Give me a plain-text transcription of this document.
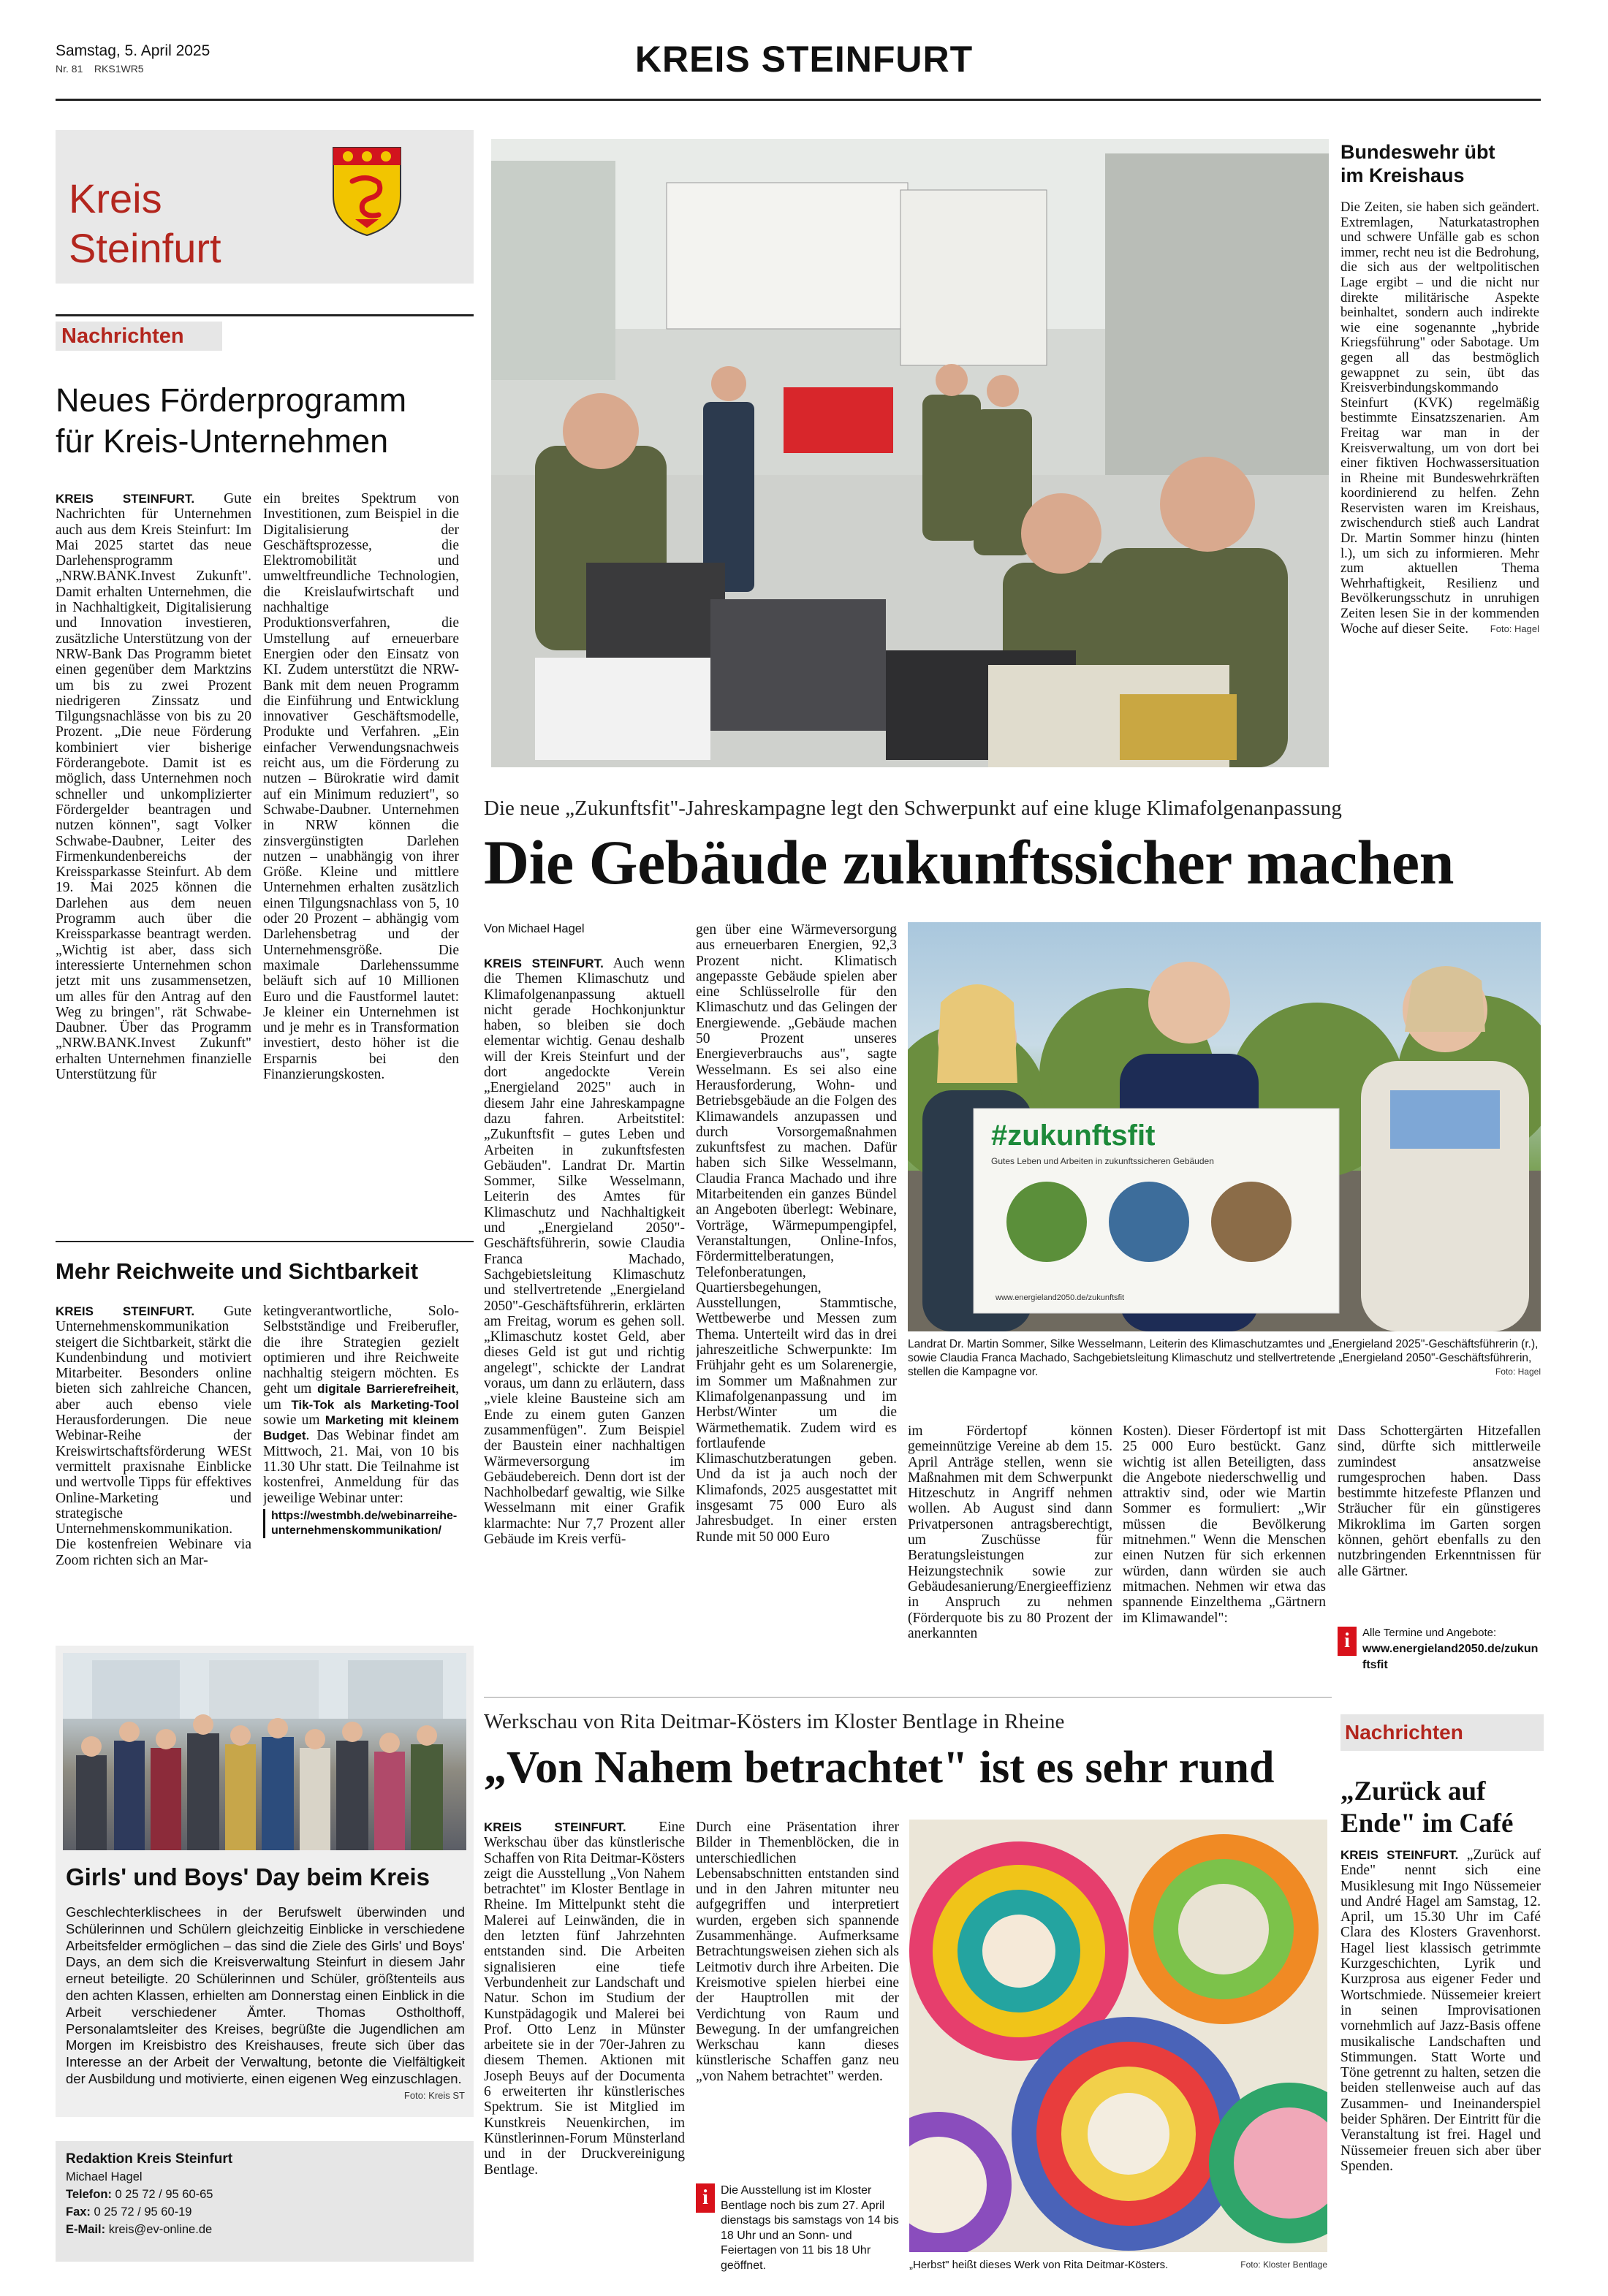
Samstag, 5. April 2025
Nr. 81    RKS1WR5	KREIS STEINFURT
Kreis
Steinfurt
Nachrichten
Neues Förderprogramm
für Kreis-Unternehmen
KREIS STEINFURT. Gute Nachrichten für Unternehmen auch aus dem Kreis Steinfurt: Im Mai 2025 startet das neue Darlehensprogramm „NRW.BANK.Invest Zukunft". Damit erhalten Unternehmen, die in Nachhaltigkeit, Digitalisierung und Innovation investieren, zusätzliche Unterstützung von der NRW-Bank Das Programm bietet einen gegenüber dem Marktzins um bis zu zwei Prozent niedrigeren Zinssatz und Tilgungsnachlässe von bis zu 20 Prozent. „Die neue Förderung kombiniert vier bisherige Förderangebote. Damit ist es möglich, dass Unternehmen noch schneller und unkomplizierter Fördergelder beantragen und nutzen können", sagt Volker Schwabe-Daubner, Leiter des Firmenkundenbereichs der Kreissparkasse Steinfurt. Ab dem 19. Mai 2025 können die Darlehen aus dem neuen Programm auch über die Kreissparkasse beantragt werden. „Wichtig ist aber, dass sich interessierte Unternehmen schon jetzt mit uns zusammensetzen, um alles für den Antrag auf den Weg zu bringen", rät Schwabe-Daubner. Über das Programm „NRW.BANK.Invest Zukunft" erhalten Unternehmen finanzielle Unterstützung für
ein breites Spektrum von Investitionen, zum Beispiel in die Digitalisierung der Geschäftsprozesse, die Elektromobilität und umweltfreundliche Technologien, die Kreislaufwirtschaft und nachhaltige Produktionsverfahren, die Umstellung auf erneuerbare Energien oder den Einsatz von KI. Zudem unterstützt die NRW-Bank mit dem neuen Programm die Einführung und Entwicklung innovativer Geschäftsmodelle, Produkte und Verfahren. „Ein einfacher Verwendungsnachweis reicht aus, um die Förderung zu nutzen – Bürokratie wird damit auf ein Minimum reduziert", so Schwabe-Daubner. Unternehmen in NRW können die zinsvergünstigten Darlehen nutzen – unabhängig von ihrer Größe. Kleine und mittlere Unternehmen erhalten zusätzlich einen Tilgungsnachlass von 5, 10 oder 20 Prozent – abhängig vom Darlehensbetrag und der Unternehmensgröße. Die maximale Darlehenssumme beläuft sich auf 10 Millionen Euro und die Faustformel lautet: Je kleiner ein Unternehmen ist und je mehr es in Transformation investiert, desto höher ist die Ersparnis bei den Finanzierungskosten.
Mehr Reichweite und Sichtbarkeit
KREIS STEINFURT. Gute Unternehmenskommunikation steigert die Sichtbarkeit, stärkt die Kundenbindung und motiviert Mitarbeiter. Besonders online bieten sich zahlreiche Chancen, aber auch ebenso viele Herausforderungen. Die neue Webinar-Reihe der Kreiswirtschaftsförderung WESt vermittelt praxisnahe Einblicke und wertvolle Tipps für effektives Online-Marketing und strategische Unternehmenskommunikation. Die kostenfreien Webinare via Zoom richten sich an Mar-
ketingverantwortliche, Solo-Selbstständige und Freiberufler, die ihre Strategien gezielt optimieren und ihre Reichweite nachhaltig steigern möchten. Es geht um digitale Barrierefreiheit, um Tik-Tok als Marketing-Tool sowie um Marketing mit kleinem Budget. Das Webinar findet am Mittwoch, 21. Mai, von 10 bis 11.30 Uhr statt. Die Teilnahme ist kostenfrei, Anmeldung für das jeweilige Webinar unter:
https://westmbh.de/webinarreihe-unternehmenskommunikation/
Girls' und Boys' Day beim Kreis
Geschlechterklischees in der Berufswelt überwinden und Schülerinnen und Schülern gleichzeitig Einblicke in verschiedene Arbeitsfelder ermöglichen – das sind die Ziele des Girls' und Boys' Days, an dem sich die Kreisverwaltung Steinfurt in diesem Jahr erneut beteiligte. 20 Schülerinnen und Schüler, größtenteils aus den achten Klassen, erhielten am Donnerstag einen Einblick in die Arbeit verschiedener Ämter. Thomas Ostholthoff, Personalamtsleiter des Kreises, begrüßte die Jugendlichen am Morgen im Kreisbistro des Kreishauses, freute sich über das Interesse an der Arbeit der Verwaltung, betonte die Vielfältigkeit der Ausbildung und motivierte, einen eigenen Weg einzuschlagen.
Foto: Kreis ST
Redaktion Kreis Steinfurt
Michael Hagel
Telefon: 0 25 72 / 95 60-65
Fax: 0 25 72 / 95 60-19
E-Mail: kreis@ev-online.de
Bundeswehr übt
im Kreishaus
Die Zeiten, sie haben sich geändert. Extremlagen, Naturkatastrophen und schwere Unfälle gab es schon immer, recht neu ist die Bedrohung, die sich aus der weltpolitischen Lage ergibt – und die nicht nur direkte militärische Aspekte beinhaltet, sondern auch indirekte wie eine sogenannte „hybride Kriegsführung" oder Sabotage. Um gegen all das bestmöglich gewappnet zu sein, übt das Kreisverbindungskommando Steinfurt (KVK) regelmäßig bestimmte Einsatzszenarien. Am Freitag war man in der Kreisverwaltung, um von dort bei einer fiktiven Hochwassersituation in Rheine mit Bundeswehrkräften koordinierend zu helfen. Zehn Reservisten waren im Kreishaus, zwischendurch stieß auch Landrat Dr. Martin Sommer hinzu (hinten l.), um sich zu informieren. Mehr zum aktuellen Thema Wehrhaftigkeit, Resilienz und Bevölkerungsschutz in unruhigen Zeiten lesen Sie in der kommenden Woche auf dieser Seite. Foto: Hagel
Die neue „Zukunftsfit"-Jahreskampagne legt den Schwerpunkt auf eine kluge Klimafolgenanpassung
Die Gebäude zukunftssicher machen
Von Michael Hagel
KREIS STEINFURT. Auch wenn die Themen Klimaschutz und Klimafolgenanpassung aktuell nicht gerade Hochkonjunktur haben, so bleiben sie doch elementar wichtig. Genau deshalb will der Kreis Steinfurt und der dort angedockte Verein „Energieland 2025" auch in diesem Jahr eine Jahreskampagne dazu fahren. Arbeitstitel: „Zukunftsfit – gutes Leben und Arbeiten in zukunftsfesten Gebäuden". Landrat Dr. Martin Sommer, Silke Wesselmann, Leiterin des Amtes für Klimaschutz und Nachhaltigkeit und „Energieland 2050"-Geschäftsführerin, sowie Claudia Franca Machado, Sachgebietsleitung Klimaschutz und stellvertretende „Energieland 2050"-Geschäftsführerin, erklärten am Freitag, worum es gehen soll. „Klimaschutz kostet Geld, aber dieses Geld ist gut und richtig angelegt", schickte der Landrat voraus, um dann zu erläutern, dass „viele kleine Bausteine sich am Ende zu einem guten Ganzen zusammenfügen". Zum Beispiel der Baustein einer nachhaltigen Wärmeversorgung im Gebäudebereich. Denn dort ist der Nachholbedarf gewaltig, wie Silke Wesselmann mit einer Grafik klarmachte: Nur 7,7 Prozent aller Gebäude im Kreis verfü-
gen über eine Wärmeversorgung aus erneuerbaren Energien, 92,3 Prozent nicht. Klimatisch angepasste Gebäude spielen aber eine Schlüsselrolle für den Klimaschutz und das Gelingen der Energiewende. „Gebäude machen 50 Prozent unseres Energieverbrauchs aus", sagte Wesselmann. Es sei also eine Herausforderung, Wohn- und Betriebsgebäude an die Folgen des Klimawandels anzupassen und durch Vorsorgemaßnahmen zukunftsfest zu machen. Dafür haben sich Silke Wesselmann, Claudia Franca Machado und ihre Mitarbeitenden ein ganzes Bündel an Angeboten überlegt: Webinare, Vorträge, Wärmepumpengipfel, Veranstaltungen, Online-Infos, Fördermittelberatungen, Telefonberatungen, Quartiersbegehungen, Ausstellungen, Stammtische, Wettbewerbe und Messen zum Thema. Unterteilt wird das in drei jahreszeitliche Schwerpunkte: Im Frühjahr geht es um Solarenergie, im Sommer um Maßnahmen zur Klimafolgenanpassung und im Herbst/Winter um die Wärmethematik. Zudem wird es fortlaufende Klimaschutzberatungen geben. Und da ist ja auch noch der Klimafonds, 2025 ausgestattet mit insgesamt 75 000 Euro als Jahresbudget. In einer ersten Runde mit 50 000 Euro
#zukunftsfit
Gutes Leben und Arbeiten in zukunftssicheren Gebäuden
www.energieland2050.de/zukunftsfit
Landrat Dr. Martin Sommer, Silke Wesselmann, Leiterin des Klimaschutzamtes und „Energieland 2025"-Geschäftsführerin (r.), sowie Claudia Franca Machado, Sachgebietsleitung Klimaschutz und stellvertretende „Energieland 2050"-Geschäftsführerin, stellen die Kampagne vor.	Foto: Hagel
im Fördertopf können gemeinnützige Vereine ab dem 15. April Anträge stellen, wenn sie Maßnahmen mit dem Schwerpunkt Hitzeschutz in Angriff nehmen wollen. Ab August sind dann Privatpersonen antragsberechtigt, um Zuschüsse für Beratungsleistungen zur Heizungstechnik sowie zur Gebäudesanierung/Energieeffizienz in Anspruch zu nehmen (Förderquote bis zu 80 Prozent der anerkannten
Kosten). Dieser Fördertopf ist mit 25 000 Euro bestückt. Ganz wichtig ist allen Beteiligten, dass die Angebote niederschwellig und attraktiv sind, oder wie Martin Sommer es formuliert: „Wir müssen die Bevölkerung mitnehmen." Wenn die Menschen einen Nutzen für sich erkennen würden, dann würden sie auch mitmachen. Nehmen wir etwa das spannende Einzelthema „Gärtnern im Klimawandel":
Dass Schottergärten Hitzefallen sind, dürfte sich mittlerweile zumindest ansatzweise rumgesprochen haben. Dass bestimmte hitzefeste Pflanzen und Sträucher für ein günstigeres Mikroklima im Garten sorgen können, gehört ebenfalls zu den nutzbringenden Erkenntnissen für alle Gärtner.
i	Alle Termine und Angebote:
www.energieland2050.de/zukunftsfit
Werkschau von Rita Deitmar-Kösters im Kloster Bentlage in Rheine
„Von Nahem betrachtet" ist es sehr rund
KREIS STEINFURT. Eine Werkschau über das künstlerische Schaffen von Rita Deitmar-Kösters zeigt die Ausstellung „Von Nahem betrachtet" im Kloster Bentlage in Rheine. Im Mittelpunkt steht die Malerei auf Leinwänden, die in den letzten fünf Jahrzehnten entstanden sind. Die Arbeiten signalisieren eine tiefe Verbundenheit zur Landschaft und Natur. Schon im Studium der Kunstpädagogik und Malerei bei Prof. Otto Lenz in Münster arbeitete sie in der 70er-Jahren zu diesem Themen. Aktionen mit Joseph Beuys auf der Documenta 6 erweiterten ihr künstlerisches Spektrum. Sie ist Mitglied im Kunstkreis Neuenkirchen, im Künstlerinnen-Forum Münsterland und in der Druckvereinigung Bentlage.
Durch eine Präsentation ihrer Bilder in Themenblöcken, die in unterschiedlichen Lebensabschnitten entstanden sind und in den Jahren mitunter neu aufgegriffen und interpretiert wurden, ergeben sich spannende Zusammenhänge. Aufmerksame Betrachtungsweisen ziehen sich als Leitmotiv durch ihre Arbeiten. Die Kreismotive spielen hierbei eine der Hauptrollen mit der Verdichtung von Raum und Bewegung. In der umfangreichen Werkschau kann dieses künstlerische Schaffen ganz neu „von Nahem betrachtet" werden.
i	Die Ausstellung ist im Kloster Bentlage noch bis zum 27. April dienstags bis samstags von 14 bis 18 Uhr und an Sonn- und Feiertagen von 11 bis 18 Uhr geöffnet.	„Herbst" heißt dieses Werk von Rita Deitmar-Kösters.	Foto: Kloster Bentlage
Nachrichten
„Zurück auf
Ende" im Café
KREIS STEINFURT. „Zurück auf Ende" nennt sich eine Musiklesung mit Ingo Nüssemeier und André Hagel am Samstag, 12. April, um 15.30 Uhr im Café Clara des Klosters Gravenhorst. Hagel liest klassisch getrimmte Kurzgeschichten, Lyrik und Kurzprosa aus eigener Feder und Wortschmiede. Nüssemeier kreiert in seinen Improvisationen vornehmlich auf Jazz-Basis offene musikalische Landschaften und Stimmungen. Statt Worte und Töne getrennt zu halten, setzen die beiden stellenweise auch auf das Zusammen- und Ineinanderspiel beider Sphären. Der Eintritt für die Veranstaltung ist frei. Hagel und Nüssemeier freuen sich aber über Spenden.
